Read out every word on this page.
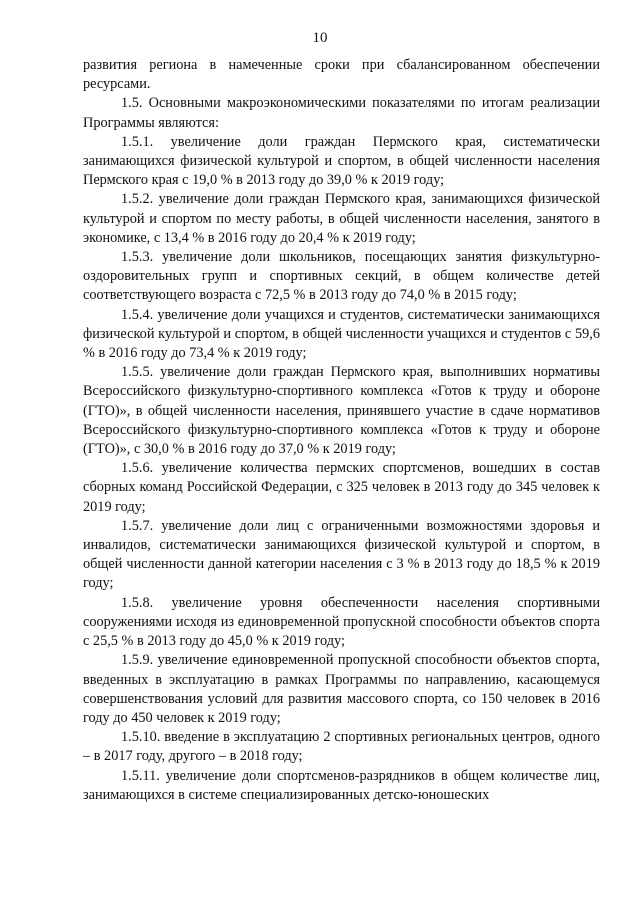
10

развития региона в намеченные сроки при сбалансированном обеспечении ресурсами.

1.5. Основными макроэкономическими показателями по итогам реализации Программы являются:

1.5.1. увеличение доли граждан Пермского края, систематически занимающихся физической культурой и спортом, в общей численности населения Пермского края с 19,0 % в 2013 году до 39,0 % к 2019 году;

1.5.2. увеличение доли граждан Пермского края, занимающихся физической культурой и спортом по месту работы, в общей численности населения, занятого в экономике, с 13,4 % в 2016 году до 20,4 % к 2019 году;

1.5.3. увеличение доли школьников, посещающих занятия физкультурно-оздоровительных групп и спортивных секций, в общем количестве детей соответствующего возраста с 72,5 % в 2013 году до 74,0 % в 2015 году;

1.5.4. увеличение доли учащихся и студентов, систематически занимающихся физической культурой и спортом, в общей численности учащихся и студентов с 59,6 % в 2016 году до 73,4 % к 2019 году;

1.5.5. увеличение доли граждан Пермского края, выполнивших нормативы Всероссийского физкультурно-спортивного комплекса «Готов к труду и обороне (ГТО)», в общей численности населения, принявшего участие в сдаче нормативов Всероссийского физкультурно-спортивного комплекса «Готов к труду и обороне (ГТО)», с 30,0 % в 2016 году до 37,0 % к 2019 году;

1.5.6. увеличение количества пермских спортсменов, вошедших в состав сборных команд Российской Федерации, с 325 человек в 2013 году до 345 человек к 2019 году;

1.5.7. увеличение доли лиц с ограниченными возможностями здоровья и инвалидов, систематически занимающихся физической культурой и спортом, в общей численности данной категории населения с 3 % в 2013 году до 18,5 % к 2019 году;

1.5.8. увеличение уровня обеспеченности населения спортивными сооружениями исходя из единовременной пропускной способности объектов спорта с 25,5 % в 2013 году до 45,0 % к 2019 году;

1.5.9. увеличение единовременной пропускной способности объектов спорта, введенных в эксплуатацию в рамках Программы по направлению, касающемуся совершенствования условий для развития массового спорта, со 150 человек в 2016 году до 450 человек к 2019 году;

1.5.10. введение в эксплуатацию 2 спортивных региональных центров, одного – в 2017 году, другого – в 2018 году;

1.5.11. увеличение доли спортсменов-разрядников в общем количестве лиц, занимающихся в системе специализированных детско-юношеских
